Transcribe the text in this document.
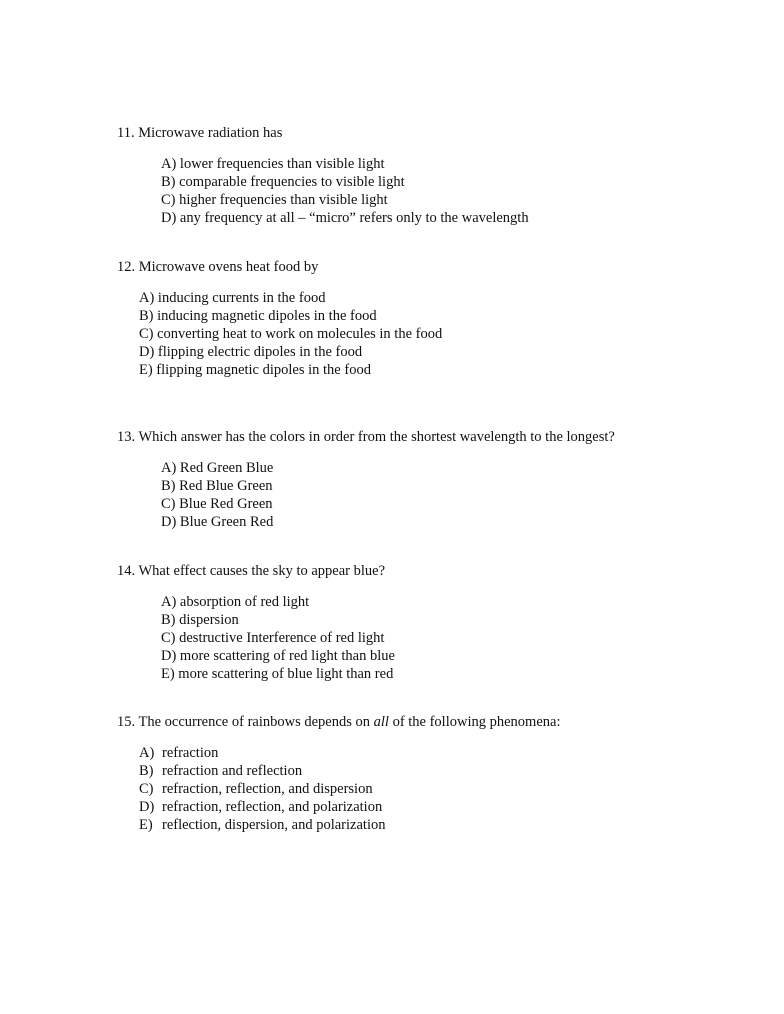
11. Microwave radiation has
A) lower frequencies than visible light
B) comparable frequencies to visible light
C) higher frequencies than visible light
D) any frequency at all – “micro” refers only to the wavelength
12. Microwave ovens heat food by
A) inducing currents in the food
B) inducing magnetic dipoles in the food
C) converting heat to work on molecules in the food
D) flipping electric dipoles in the food
E) flipping magnetic dipoles in the food
13. Which answer has the colors in order from the shortest wavelength to the longest?
A) Red Green Blue
B) Red Blue Green
C) Blue Red Green
D) Blue Green Red
14. What effect causes the sky to appear blue?
A) absorption of red light
B) dispersion
C) destructive Interference of red light
D) more scattering of red light than blue
E) more scattering of blue light than red
15. The occurrence of rainbows depends on all of the following phenomena:
A) refraction
B) refraction and reflection
C) refraction, reflection, and dispersion
D) refraction, reflection, and polarization
E) reflection, dispersion, and polarization
